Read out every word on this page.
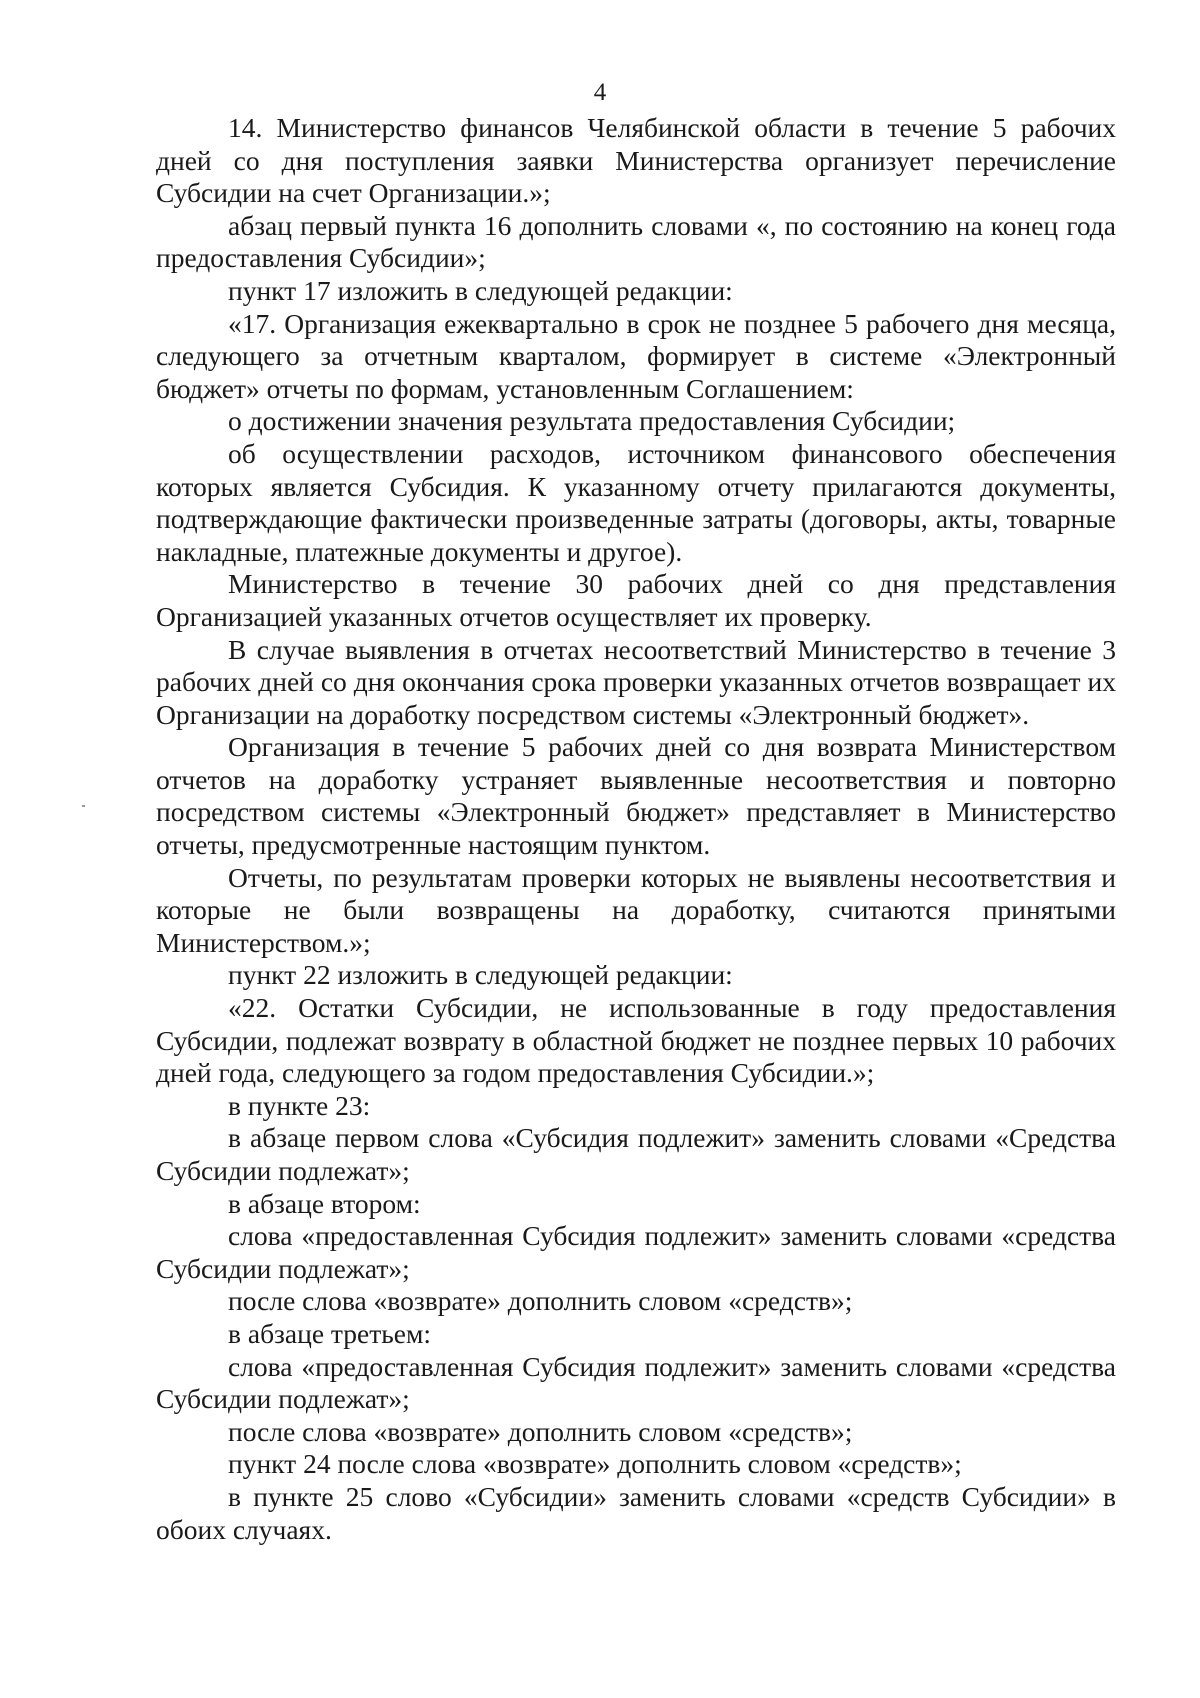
4

14. Министерство финансов Челябинской области в течение 5 рабочих дней со дня поступления заявки Министерства организует перечисление Субсидии на счет Организации.»;

абзац первый пункта 16 дополнить словами «, по состоянию на конец года предоставления Субсидии»;

пункт 17 изложить в следующей редакции:

«17. Организация ежеквартально в срок не позднее 5 рабочего дня месяца, следующего за отчетным кварталом, формирует в системе «Электронный бюджет» отчеты по формам, установленным Соглашением:

о достижении значения результата предоставления Субсидии;

об осуществлении расходов, источником финансового обеспечения которых является Субсидия. К указанному отчету прилагаются документы, подтверждающие фактически произведенные затраты (договоры, акты, товарные накладные, платежные документы и другое).

Министерство в течение 30 рабочих дней со дня представления Организацией указанных отчетов осуществляет их проверку.

В случае выявления в отчетах несоответствий Министерство в течение 3 рабочих дней со дня окончания срока проверки указанных отчетов возвращает их Организации на доработку посредством системы «Электронный бюджет».

Организация в течение 5 рабочих дней со дня возврата Министерством отчетов на доработку устраняет выявленные несоответствия и повторно посредством системы «Электронный бюджет» представляет в Министерство отчеты, предусмотренные настоящим пунктом.

Отчеты, по результатам проверки которых не выявлены несоответствия и которые не были возвращены на доработку, считаются принятыми Министерством.»;

пункт 22 изложить в следующей редакции:

«22. Остатки Субсидии, не использованные в году предоставления Субсидии, подлежат возврату в областной бюджет не позднее первых 10 рабочих дней года, следующего за годом предоставления Субсидии.»;

в пункте 23:

в абзаце первом слова «Субсидия подлежит» заменить словами «Средства Субсидии подлежат»;

в абзаце втором:

слова «предоставленная Субсидия подлежит» заменить словами «средства Субсидии подлежат»;

после слова «возврате» дополнить словом «средств»;

в абзаце третьем:

слова «предоставленная Субсидия подлежит» заменить словами «средства Субсидии подлежат»;

после слова «возврате» дополнить словом «средств»;

пункт 24 после слова «возврате» дополнить словом «средств»;

в пункте 25 слово «Субсидии» заменить словами «средств Субсидии» в обоих случаях.
